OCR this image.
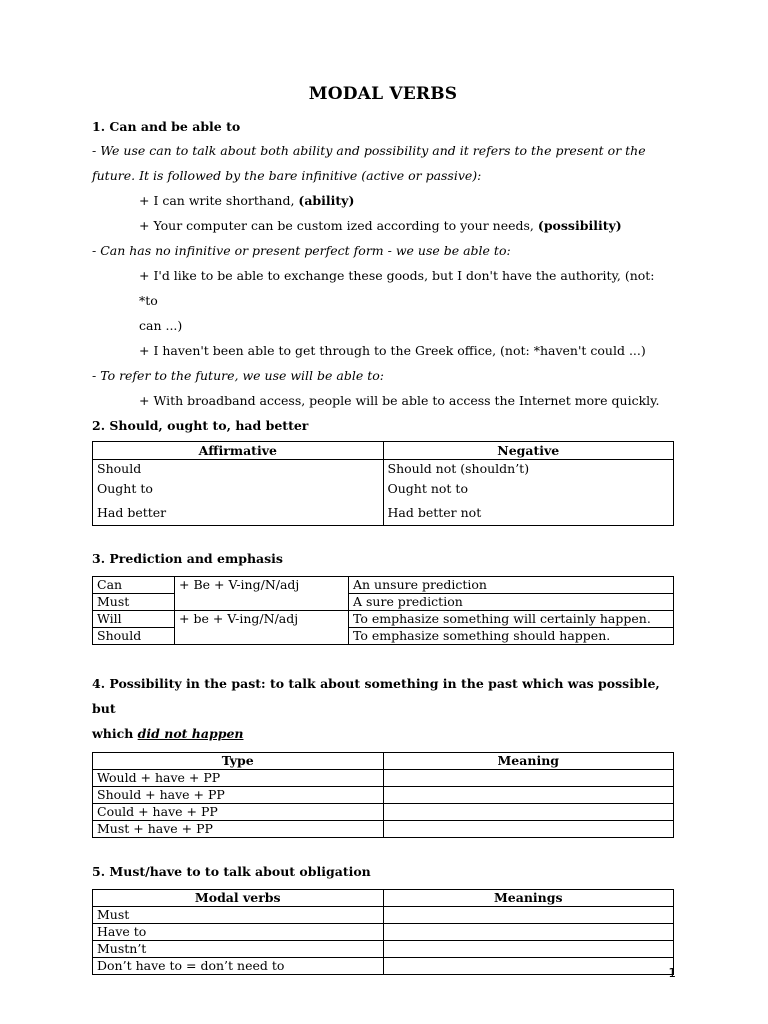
MODAL VERBS

1. Can and be able to

- We use can to talk about both ability and possibility and it refers to the present or the

future. It is followed by the bare infinitive (active or passive):

+ I can write shorthand, (ability)

+ Your computer can be custom ized according to your needs, (possibility)

- Can has no infinitive or present perfect form - we use be able to:

+ I'd like to be able to exchange these goods, but I don't have the authority, (not: *to
can ...)

+ I haven't been able to get through to the Greek office, (not: *haven't could ...)

- To refer to the future, we use will be able to:

+ With broadband access, people will be able to access the Internet more quickly.

2. Should, ought to, had better

Affirmative	Negative
Should	Should not (shouldn’t)
Ought to	Ought not to
Had better	Had better not

3. Prediction and emphasis

Can	+ Be + V-ing/N/adj	An unsure prediction
Must		A sure prediction
Will	+ be + V-ing/N/adj	To emphasize something will certainly happen.
Should		To emphasize something should happen.

4. Possibility in the past: to talk about something in the past which was possible, but

which did not happen

Type	Meaning
Would + have + PP	
Should + have + PP	
Could + have + PP	
Must + have + PP	

5. Must/have to to talk about obligation

Modal verbs	Meanings
Must	
Have to	
Mustn’t	
Don’t have to = don’t need to		1
